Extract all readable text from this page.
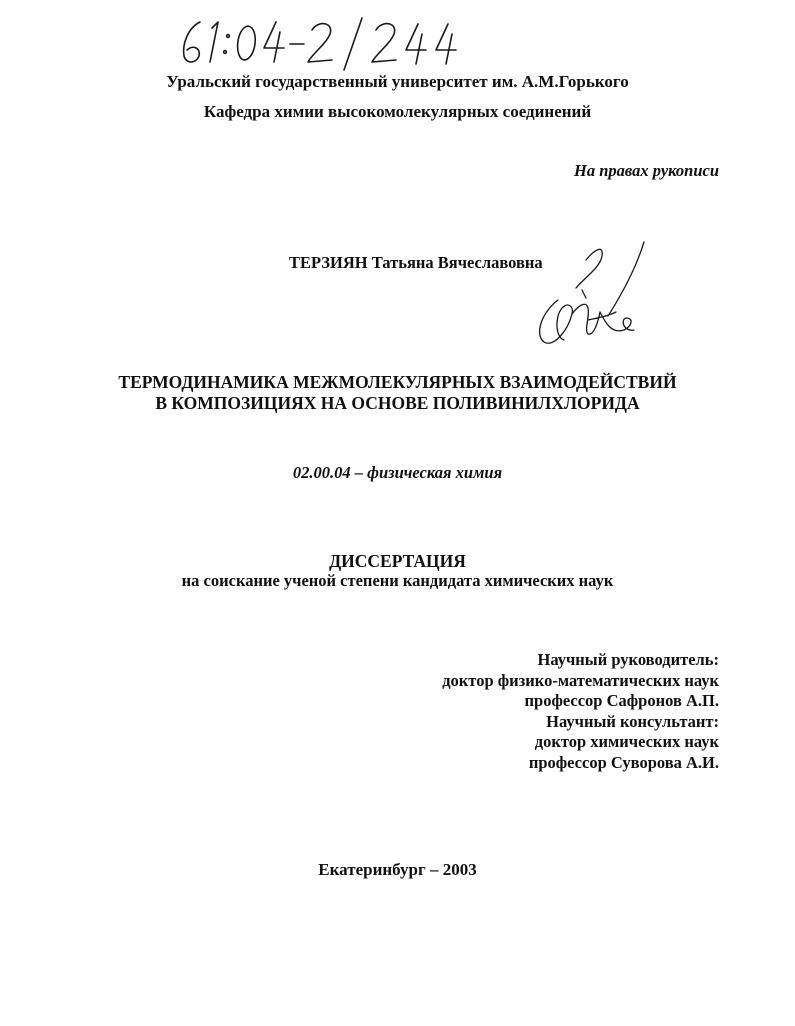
Уральский государственный университет им. А.М.Горького
Кафедра химии высокомолекулярных соединений
На правах рукописи
ТЕРЗИЯН Татьяна Вячеславовна
ТЕРМОДИНАМИКА МЕЖМОЛЕКУЛЯРНЫХ ВЗАИМОДЕЙСТВИЙ
В КОМПОЗИЦИЯХ НА ОСНОВЕ ПОЛИВИНИЛХЛОРИДА
02.00.04 – физическая химия
ДИССЕРТАЦИЯ
на соискание ученой степени кандидата химических наук
Научный руководитель:
доктор физико-математических наук
профессор Сафронов А.П.
Научный консультант:
доктор химических наук
профессор Суворова А.И.
Екатеринбург – 2003
